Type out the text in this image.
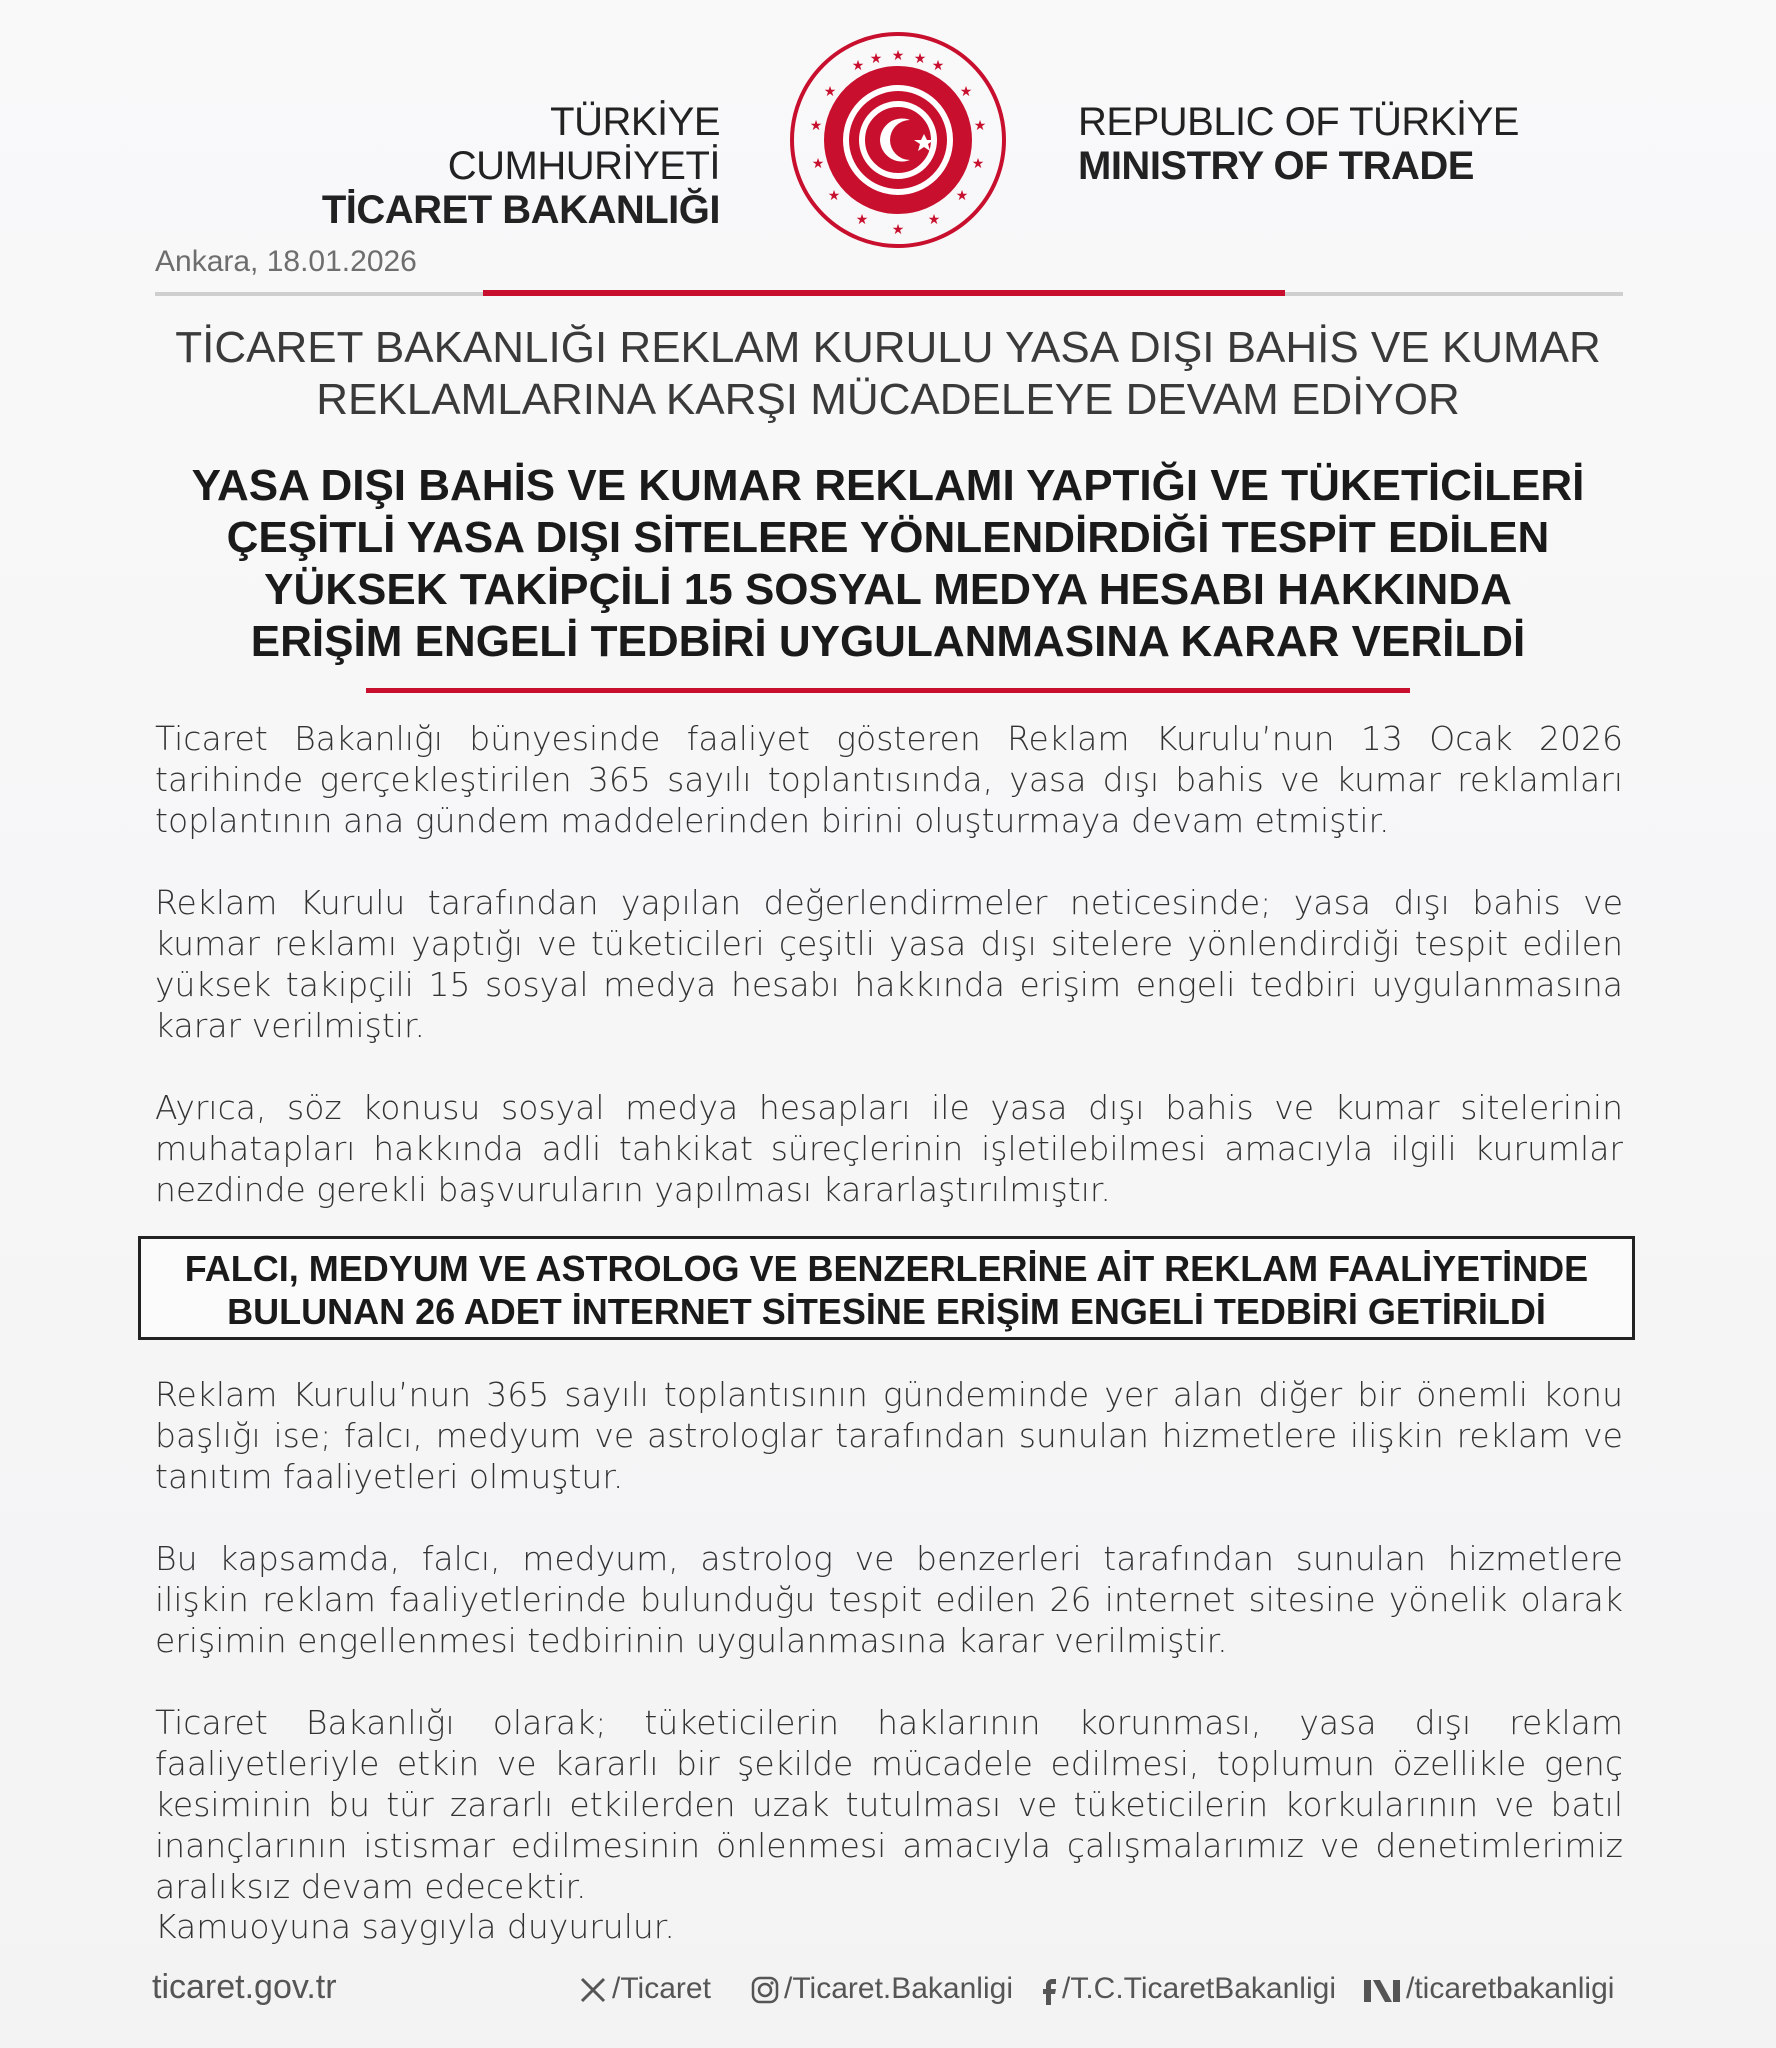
TÜRKİYE CUMHURİYETİ
TİCARET BAKANLIĞI
★
★
★
★
★
★
★
★
★
★
★
★
★
★ ★ ★
REPUBLIC OF TÜRKİYE
MINISTRY OF TRADE
Ankara, 18.01.2026
TİCARET BAKANLIĞI REKLAM KURULU YASA DIŞI BAHİS VE KUMAR
REKLAMLARINA KARŞI MÜCADELEYE DEVAM EDİYOR
YASA DIŞI BAHİS VE KUMAR REKLAMI YAPTIĞI VE TÜKETİCİLERİ
ÇEŞİTLİ YASA DIŞI SİTELERE YÖNLENDİRDİĞİ TESPİT EDİLEN
YÜKSEK TAKİPÇİLİ 15 SOSYAL MEDYA HESABI HAKKINDA
ERİŞİM ENGELİ TEDBİRİ UYGULANMASINA KARAR VERİLDİ
Ticaret Bakanlığı bünyesinde faaliyet gösteren Reklam Kurulu’nun 13 Ocak 2026 tarihinde gerçekleştirilen 365 sayılı toplantısında, yasa dışı bahis ve kumar reklamları toplantının ana gündem maddelerinden birini oluşturmaya devam etmiştir.
Reklam Kurulu tarafından yapılan değerlendirmeler neticesinde; yasa dışı bahis ve kumar reklamı yaptığı ve tüketicileri çeşitli yasa dışı sitelere yönlendirdiği tespit edilen yüksek takipçili 15 sosyal medya hesabı hakkında erişim engeli tedbiri uygulanmasına karar verilmiştir.
Ayrıca, söz konusu sosyal medya hesapları ile yasa dışı bahis ve kumar sitelerinin muhatapları hakkında adli tahkikat süreçlerinin işletilebilmesi amacıyla ilgili kurumlar nezdinde gerekli başvuruların yapılması kararlaştırılmıştır.
FALCI, MEDYUM VE ASTROLOG VE BENZERLERİNE AİT REKLAM FAALİYETİNDE
BULUNAN 26 ADET İNTERNET SİTESİNE ERİŞİM ENGELİ TEDBİRİ GETİRİLDİ
Reklam Kurulu’nun 365 sayılı toplantısının gündeminde yer alan diğer bir önemli konu başlığı ise; falcı, medyum ve astrologlar tarafından sunulan hizmetlere ilişkin reklam ve tanıtım faaliyetleri olmuştur.
Bu kapsamda, falcı, medyum, astrolog ve benzerleri tarafından sunulan hizmetlere ilişkin reklam faaliyetlerinde bulunduğu tespit edilen 26 internet sitesine yönelik olarak erişimin engellenmesi tedbirinin uygulanmasına karar verilmiştir.
Ticaret Bakanlığı olarak; tüketicilerin haklarının korunması, yasa dışı reklam faaliyetleriyle etkin ve kararlı bir şekilde mücadele edilmesi, toplumun özellikle genç kesiminin bu tür zararlı etkilerden uzak tutulması ve tüketicilerin korkularının ve batıl inançlarının istismar edilmesinin önlenmesi amacıyla çalışmalarımız ve denetimlerimiz aralıksız devam edecektir.
Kamuoyuna saygıyla duyurulur.
ticaret.gov.tr	/Ticaret	/Ticaret.Bakanligi	/T.C.TicaretBakanligi	/ticaretbakanligi
